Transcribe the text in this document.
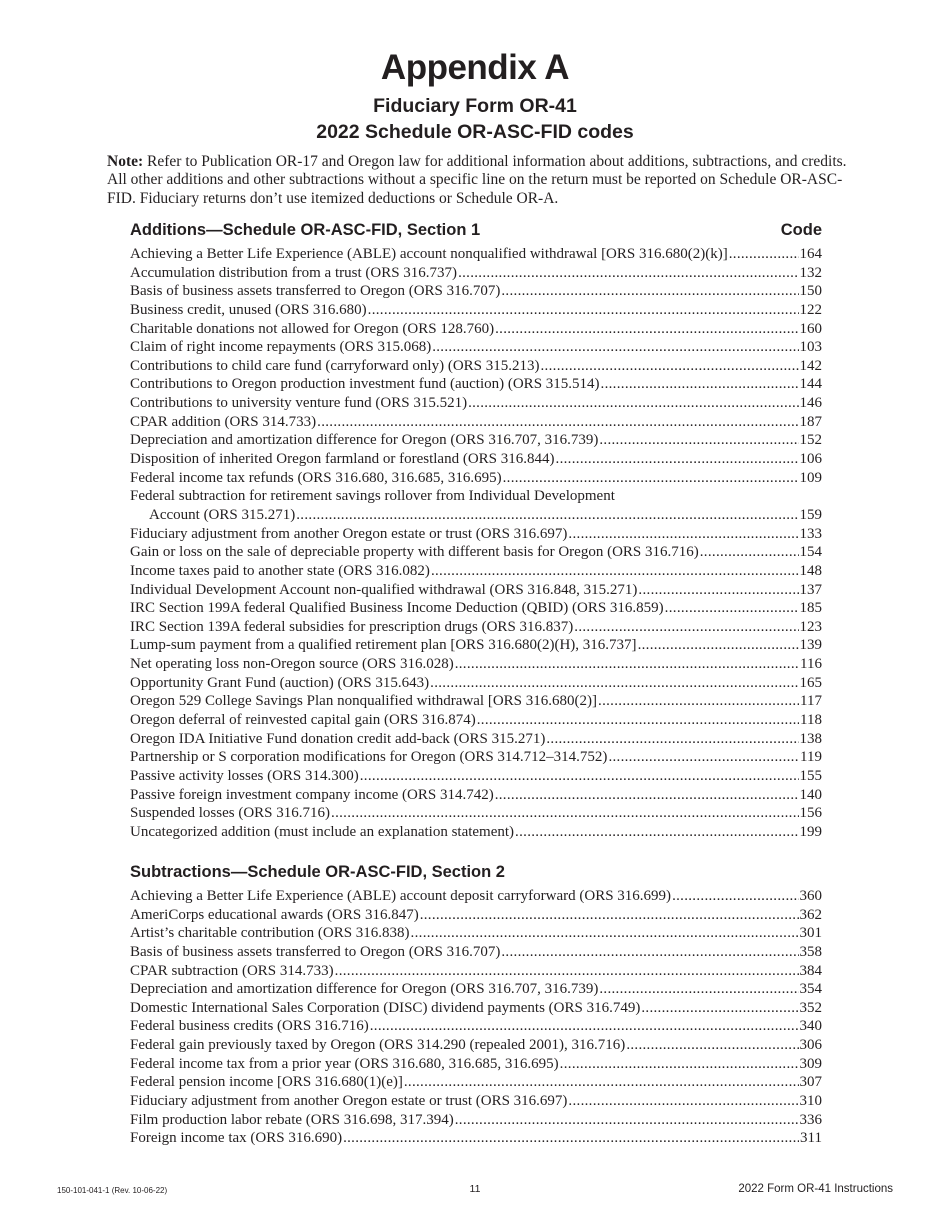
Appendix A
Fiduciary Form OR-41
2022 Schedule OR-ASC-FID codes
Note: Refer to Publication OR-17 and Oregon law for additional information about additions, subtractions, and credits. All other additions and other subtractions without a specific line on the return must be reported on Schedule OR-ASC-FID. Fiduciary returns don’t use itemized deductions or Schedule OR-A.
Additions—Schedule OR-ASC-FID, Section 1	Code
Achieving a Better Life Experience (ABLE) account nonqualified withdrawal [ORS 316.680(2)(k)] .....	164
Accumulation distribution from a trust (ORS 316.737) .....	132
Basis of business assets transferred to Oregon (ORS 316.707) .....	150
Business credit, unused (ORS 316.680) .....	122
Charitable donations not allowed for Oregon (ORS 128.760) .....	160
Claim of right income repayments (ORS 315.068) .....	103
Contributions to child care fund (carryforward only) (ORS 315.213) .....	142
Contributions to Oregon production investment fund (auction) (ORS 315.514) .....	144
Contributions to university venture fund (ORS 315.521) .....	146
CPAR addition (ORS 314.733) .....	187
Depreciation and amortization difference for Oregon (ORS 316.707, 316.739) .....	152
Disposition of inherited Oregon farmland or forestland (ORS 316.844) .....	106
Federal income tax refunds (ORS 316.680, 316.685, 316.695) .....	109
Federal subtraction for retirement savings rollover from Individual Development
Account (ORS 315.271) .....	159
Fiduciary adjustment from another Oregon estate or trust (ORS 316.697) .....	133
Gain or loss on the sale of depreciable property with different basis for Oregon (ORS 316.716) .....	154
Income taxes paid to another state (ORS 316.082) .....	148
Individual Development Account non-qualified withdrawal (ORS 316.848, 315.271) .....	137
IRC Section 199A federal Qualified Business Income Deduction (QBID) (ORS 316.859) .....	185
IRC Section 139A federal subsidies for prescription drugs (ORS 316.837) .....	123
Lump-sum payment from a qualified retirement plan [ORS 316.680(2)(H), 316.737] .....	139
Net operating loss non-Oregon source (ORS 316.028) .....	116
Opportunity Grant Fund (auction) (ORS 315.643) .....	165
Oregon 529 College Savings Plan nonqualified withdrawal [ORS 316.680(2)] .....	117
Oregon deferral of reinvested capital gain (ORS 316.874) .....	118
Oregon IDA Initiative Fund donation credit add-back (ORS 315.271) .....	138
Partnership or S corporation modifications for Oregon (ORS 314.712–314.752) .....	119
Passive activity losses (ORS 314.300) .....	155
Passive foreign investment company income (ORS 314.742) .....	140
Suspended losses (ORS 316.716) .....	156
Uncategorized addition (must include an explanation statement) .....	199
Subtractions—Schedule OR-ASC-FID, Section 2
Achieving a Better Life Experience (ABLE) account deposit carryforward (ORS 316.699) .....	360
AmeriCorps educational awards (ORS 316.847) .....	362
Artist’s charitable contribution (ORS 316.838) .....	301
Basis of business assets transferred to Oregon (ORS 316.707) .....	358
CPAR subtraction (ORS 314.733) .....	384
Depreciation and amortization difference for Oregon (ORS 316.707, 316.739) .....	354
Domestic International Sales Corporation (DISC) dividend payments (ORS 316.749) .....	352
Federal business credits (ORS 316.716) .....	340
Federal gain previously taxed by Oregon (ORS 314.290 (repealed 2001), 316.716) .....	306
Federal income tax from a prior year (ORS 316.680, 316.685, 316.695) .....	309
Federal pension income [ORS 316.680(1)(e)] .....	307
Fiduciary adjustment from another Oregon estate or trust (ORS 316.697) .....	310
Film production labor rebate (ORS 316.698, 317.394) .....	336
Foreign income tax (ORS 316.690) .....	311
150-101-041-1 (Rev. 10-06-22)	11	2022 Form OR-41 Instructions
